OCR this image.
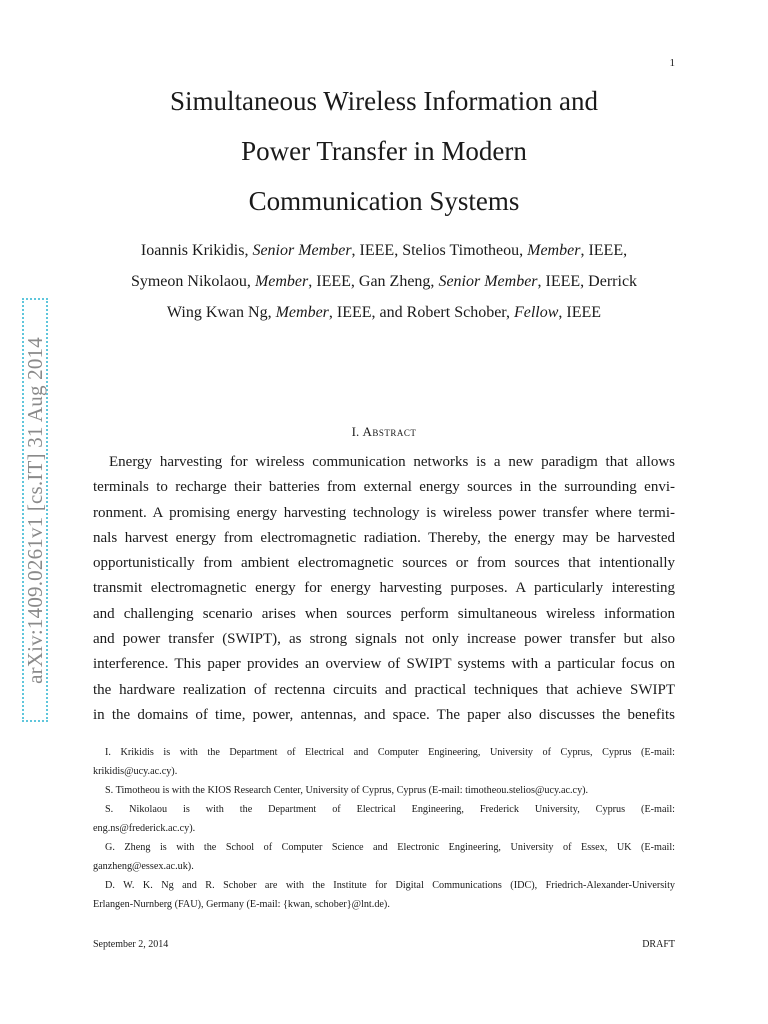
1
Simultaneous Wireless Information and
Power Transfer in Modern
Communication Systems
Ioannis Krikidis, Senior Member, IEEE, Stelios Timotheou, Member, IEEE,
Symeon Nikolaou, Member, IEEE, Gan Zheng, Senior Member, IEEE, Derrick
Wing Kwan Ng, Member, IEEE, and Robert Schober, Fellow, IEEE
arXiv:1409.0261v1 [cs.IT] 31 Aug 2014	I. Abstract
Energy harvesting for wireless communication networks is a new paradigm that allows
terminals to recharge their batteries from external energy sources in the surrounding envi-
ronment. A promising energy harvesting technology is wireless power transfer where termi-
nals harvest energy from electromagnetic radiation. Thereby, the energy may be harvested
opportunistically from ambient electromagnetic sources or from sources that intentionally
transmit electromagnetic energy for energy harvesting purposes. A particularly interesting
and challenging scenario arises when sources perform simultaneous wireless information
and power transfer (SWIPT), as strong signals not only increase power transfer but also
interference. This paper provides an overview of SWIPT systems with a particular focus on
the hardware realization of rectenna circuits and practical techniques that achieve SWIPT
in the domains of time, power, antennas, and space. The paper also discusses the benefits
I. Krikidis is with the Department of Electrical and Computer Engineering, University of Cyprus, Cyprus (E-mail:
krikidis@ucy.ac.cy).
S. Timotheou is with the KIOS Research Center, University of Cyprus, Cyprus (E-mail: timotheou.stelios@ucy.ac.cy).
S. Nikolaou is with the Department of Electrical Engineering, Frederick University, Cyprus (E-mail:
eng.ns@frederick.ac.cy).
G. Zheng is with the School of Computer Science and Electronic Engineering, University of Essex, UK (E-mail:
ganzheng@essex.ac.uk).
D. W. K. Ng and R. Schober are with the Institute for Digital Communications (IDC), Friedrich-Alexander-University
Erlangen-Nurnberg (FAU), Germany (E-mail: {kwan, schober}@lnt.de).
September 2, 2014	DRAFT
